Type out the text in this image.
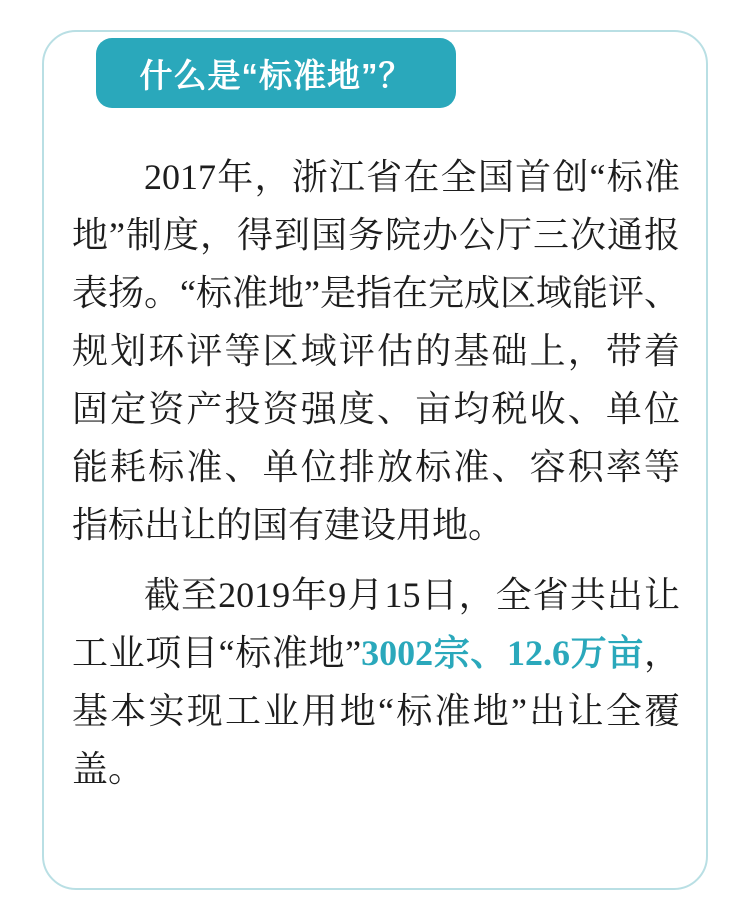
什么是“标准地”？

2017年，浙江省在全国首创“标准地”制度，得到国务院办公厅三次通报表扬。“标准地”是指在完成区域能评、规划环评等区域评估的基础上，带着固定资产投资强度、亩均税收、单位能耗标准、单位排放标准、容积率等指标出让的国有建设用地。

截至2019年9月15日，全省共出让工业项目“标准地”3002宗、12.6万亩，基本实现工业用地“标准地”出让全覆盖。
